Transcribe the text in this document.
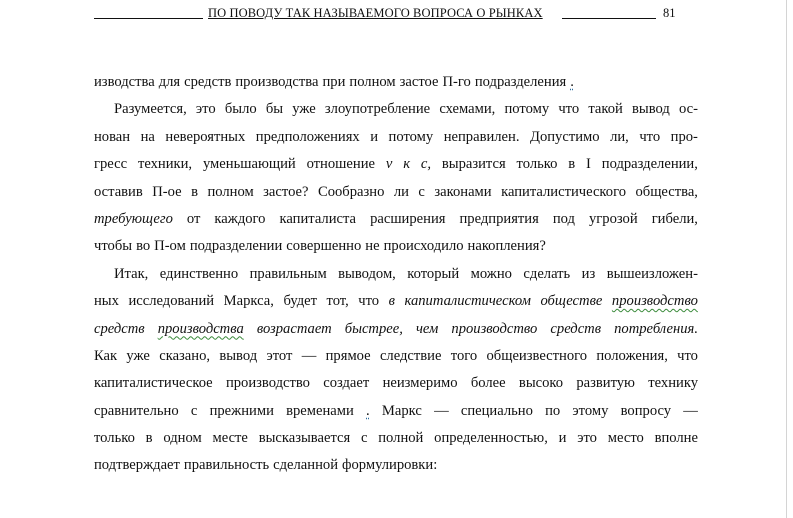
ПО ПОВОДУ ТАК НАЗЫВАЕМОГО ВОПРОСА О РЫНКАХ	81
изводства для средств производства при полном застое П-го подразделения .
Разумеется, это было бы уже злоупотребление схемами, потому что такой вывод ос-
нован на невероятных предположениях и потому неправилен. Допустимо ли, что про-
гресс техники, уменьшающий отношение v к c, выразится только в I подразделении,
оставив П-ое в полном застое? Сообразно ли с законами капиталистического общества,
требующего от каждого капиталиста расширения предприятия под угрозой гибели,
чтобы во П-ом подразделении совершенно не происходило накопления?
Итак, единственно правильным выводом, который можно сделать из вышеизложен-
ных исследований Маркса, будет тот, что в капиталистическом обществе производство
средств производства возрастает быстрее, чем производство средств потребления.
Как уже сказано, вывод этот — прямое следствие того общеизвестного положения, что
капиталистическое производство создает неизмеримо более высоко развитую технику
сравнительно с прежними временами . Маркс — специально по этому вопросу —
только в одном месте высказывается с полной определенностью, и это место вполне
подтверждает правильность сделанной формулировки:
